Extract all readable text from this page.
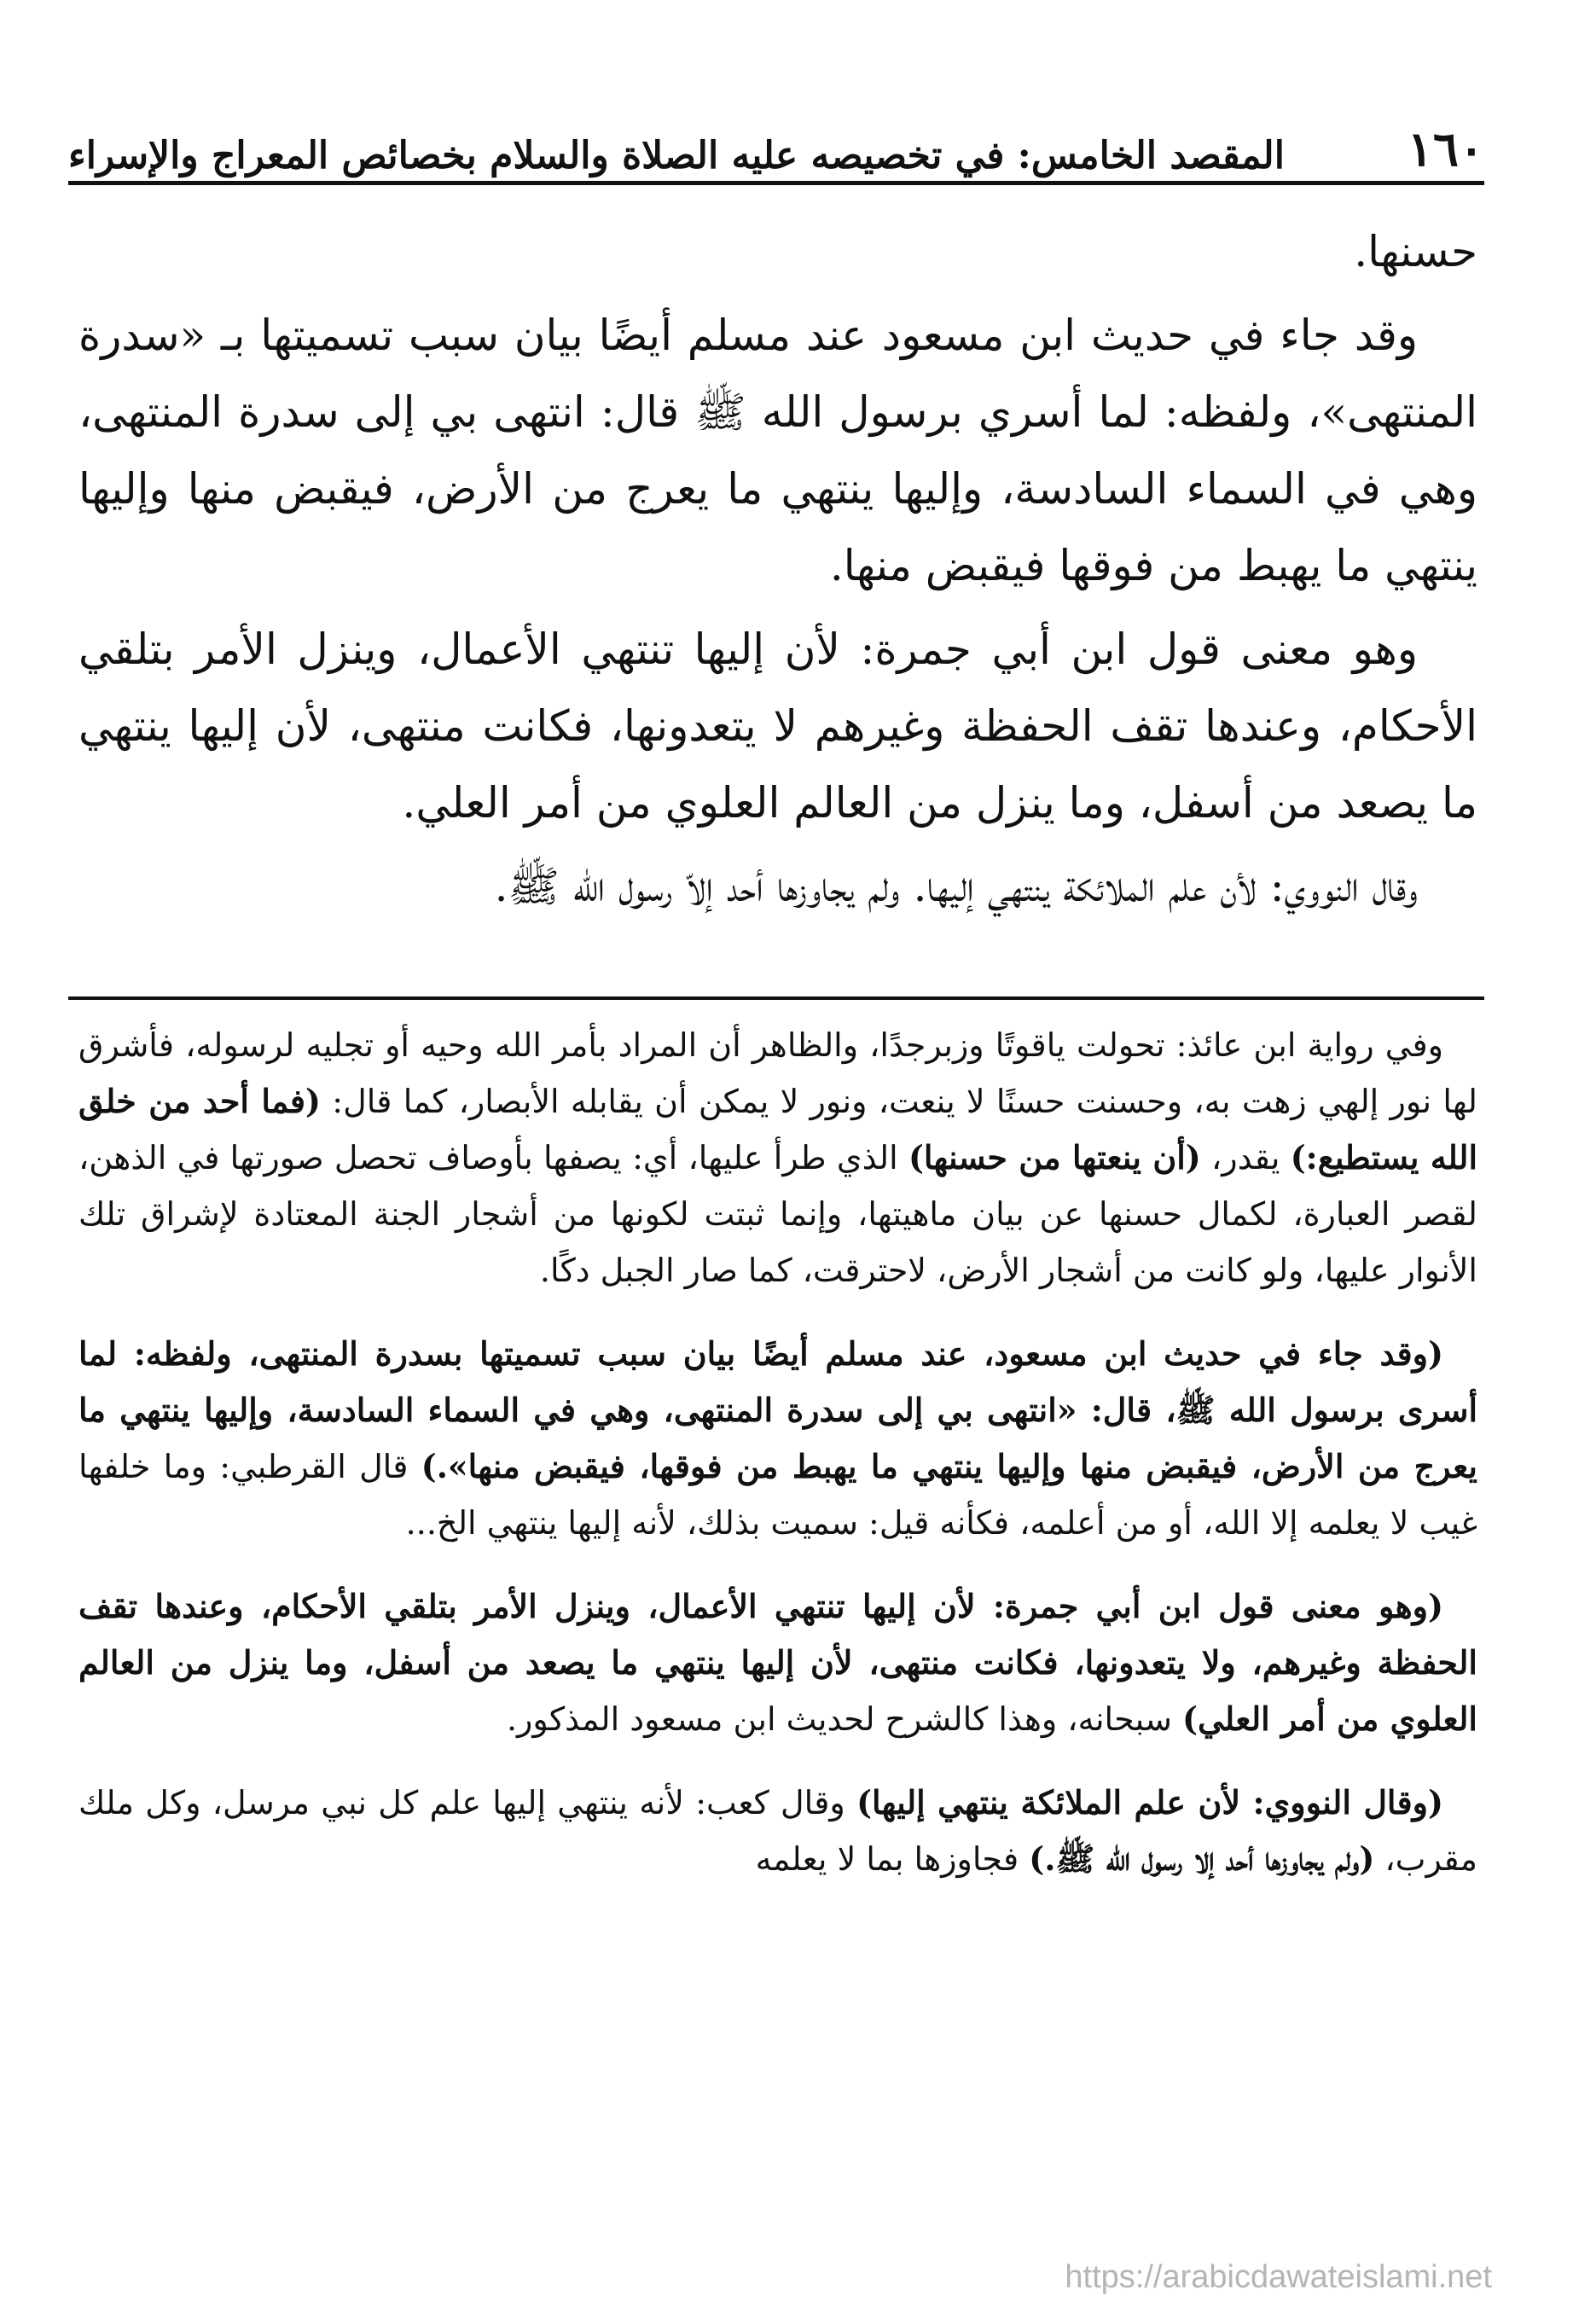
١٦٠
المقصد الخامس: في تخصيصه عليه الصلاة والسلام بخصائص المعراج والإسراء

حسنها.

وقد جاء في حديث ابن مسعود عند مسلم أيضًا بيان سبب تسميتها بـ «سدرة المنتهى»، ولفظه: لما أسري برسول الله ﷺ قال: انتهى بي إلى سدرة المنتهى، وهي في السماء السادسة، وإليها ينتهي ما يعرج من الأرض، فيقبض منها وإليها ينتهي ما يهبط من فوقها فيقبض منها.

وهو معنى قول ابن أبي جمرة: لأن إليها تنتهي الأعمال، وينزل الأمر بتلقي الأحكام، وعندها تقف الحفظة وغيرهم لا يتعدونها، فكانت منتهى، لأن إليها ينتهي ما يصعد من أسفل، وما ينزل من العالم العلوي من أمر العلي.

وقال النووي: لأن علم الملائكة ينتهي إليها. ولم يجاوزها أحد إلاّ رسول الله ﷺ.

وفي رواية ابن عائذ: تحولت ياقوتًا وزبرجدًا، والظاهر أن المراد بأمر الله وحيه أو تجليه لرسوله، فأشرق لها نور إلهي زهت به، وحسنت حسنًا لا ينعت، ونور لا يمكن أن يقابله الأبصار، كما قال: (فما أحد من خلق الله يستطيع:) يقدر، (أن ينعتها من حسنها) الذي طرأ عليها، أي: يصفها بأوصاف تحصل صورتها في الذهن، لقصر العبارة، لكمال حسنها عن بيان ماهيتها، وإنما ثبتت لكونها من أشجار الجنة المعتادة لإشراق تلك الأنوار عليها، ولو كانت من أشجار الأرض، لاحترقت، كما صار الجبل دكًا.

(وقد جاء في حديث ابن مسعود، عند مسلم أيضًا بيان سبب تسميتها بسدرة المنتهى، ولفظه: لما أسرى برسول الله ﷺ، قال: «انتهى بي إلى سدرة المنتهى، وهي في السماء السادسة، وإليها ينتهي ما يعرج من الأرض، فيقبض منها وإليها ينتهي ما يهبط من فوقها، فيقبض منها».) قال القرطبي: وما خلفها غيب لا يعلمه إلا الله، أو من أعلمه، فكأنه قيل: سميت بذلك، لأنه إليها ينتهي الخ...

(وهو معنى قول ابن أبي جمرة: لأن إليها تنتهي الأعمال، وينزل الأمر بتلقي الأحكام، وعندها تقف الحفظة وغيرهم، ولا يتعدونها، فكانت منتهى، لأن إليها ينتهي ما يصعد من أسفل، وما ينزل من العالم العلوي من أمر العلي) سبحانه، وهذا كالشرح لحديث ابن مسعود المذكور.

(وقال النووي: لأن علم الملائكة ينتهي إليها) وقال كعب: لأنه ينتهي إليها علم كل نبي مرسل، وكل ملك مقرب، (ولم يجاوزها أحد إلا رسول الله ﷺ.) فجاوزها بما لا يعلمه

https://arabicdawateislami.net
